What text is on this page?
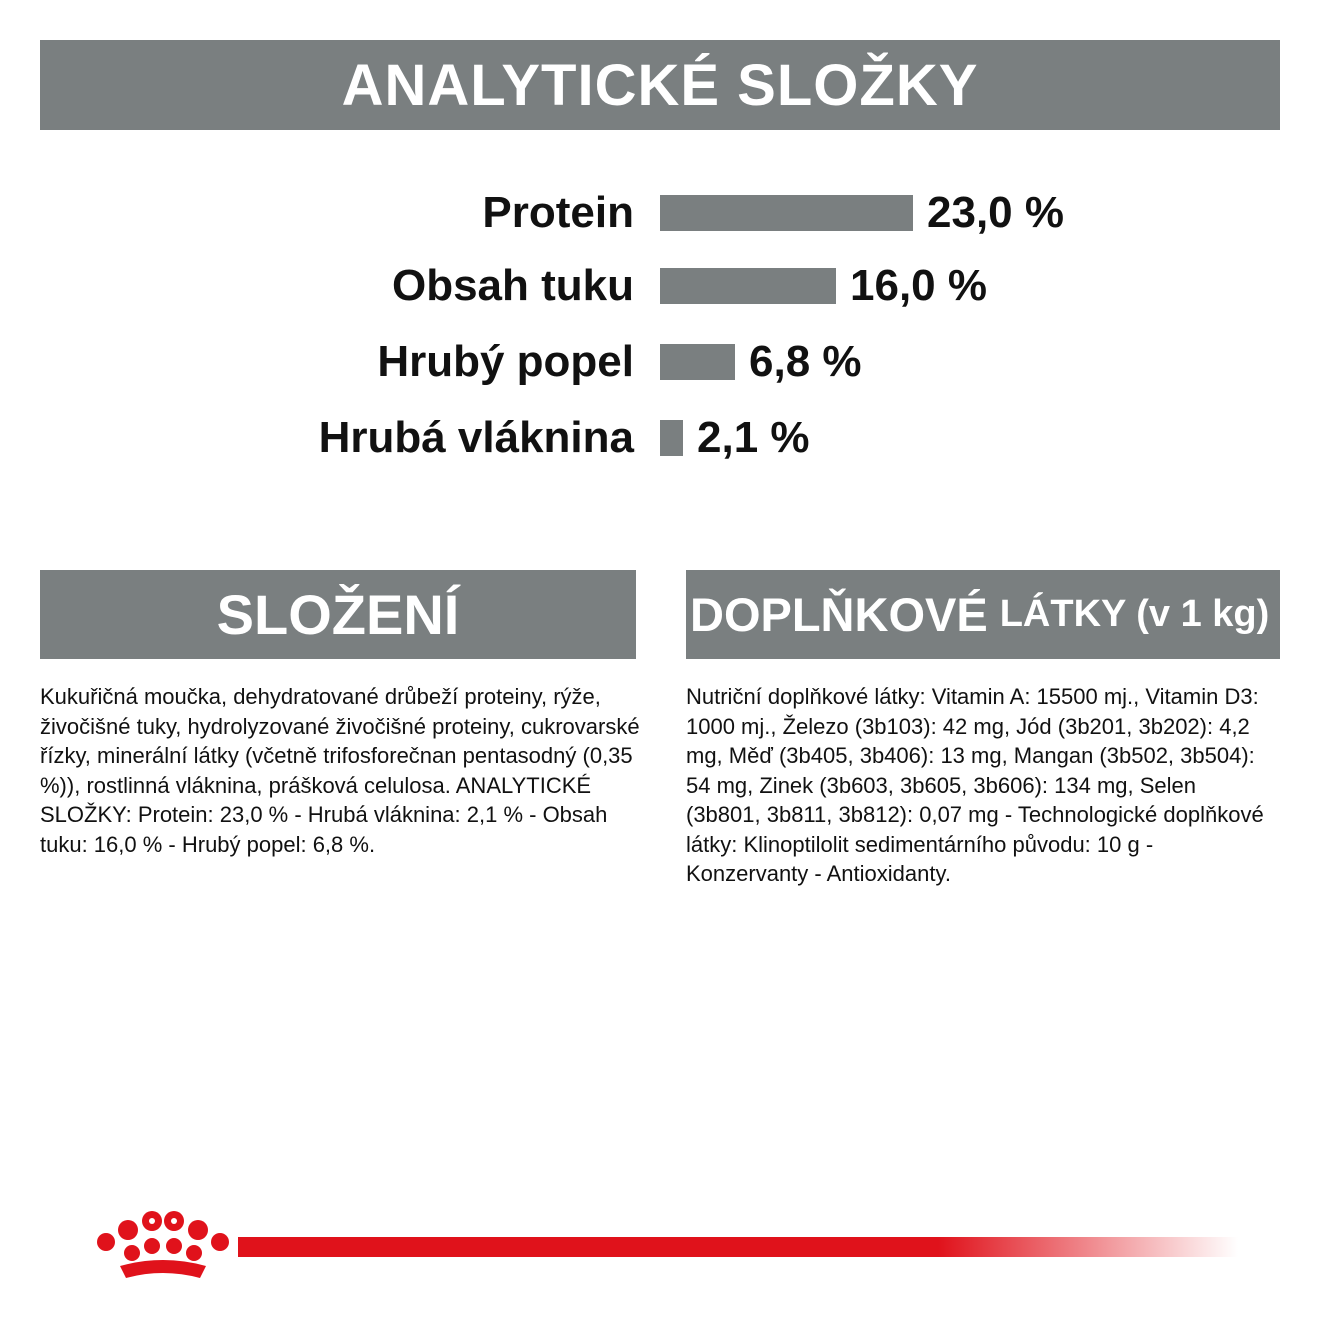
ANALYTICKÉ SLOŽKY
Protein	23,0 %
Obsah tuku	16,0 %
Hrubý popel	6,8 %
Hrubá vláknina 2,1 %
SLOŽENÍ
Kukuřičná moučka, dehydratované drůbeží proteiny, rýže, živočišné tuky, hydrolyzované živočišné proteiny, cukrovarské řízky, minerální látky (včetně trifosforečnan pentasodný (0,35 %)), rostlinná vláknina, prášková celulosa. ANALYTICKÉ SLOŽKY: Protein: 23,0 % - Hrubá vláknina: 2,1 % - Obsah tuku: 16,0 % - Hrubý popel: 6,8 %.
DOPLŇKOVÉ LÁTKY (v 1 kg)
Nutriční doplňkové látky: Vitamin A: 15500 mj., Vitamin D3: 1000 mj., Železo (3b103): 42 mg, Jód (3b201, 3b202): 4,2 mg, Měď (3b405, 3b406): 13 mg, Mangan (3b502, 3b504): 54 mg, Zinek (3b603, 3b605, 3b606): 134 mg, Selen (3b801, 3b811, 3b812): 0,07 mg - Technologické doplňkové látky: Klinoptilolit sedimentárního původu: 10 g - Konzervanty - Antioxidanty.
